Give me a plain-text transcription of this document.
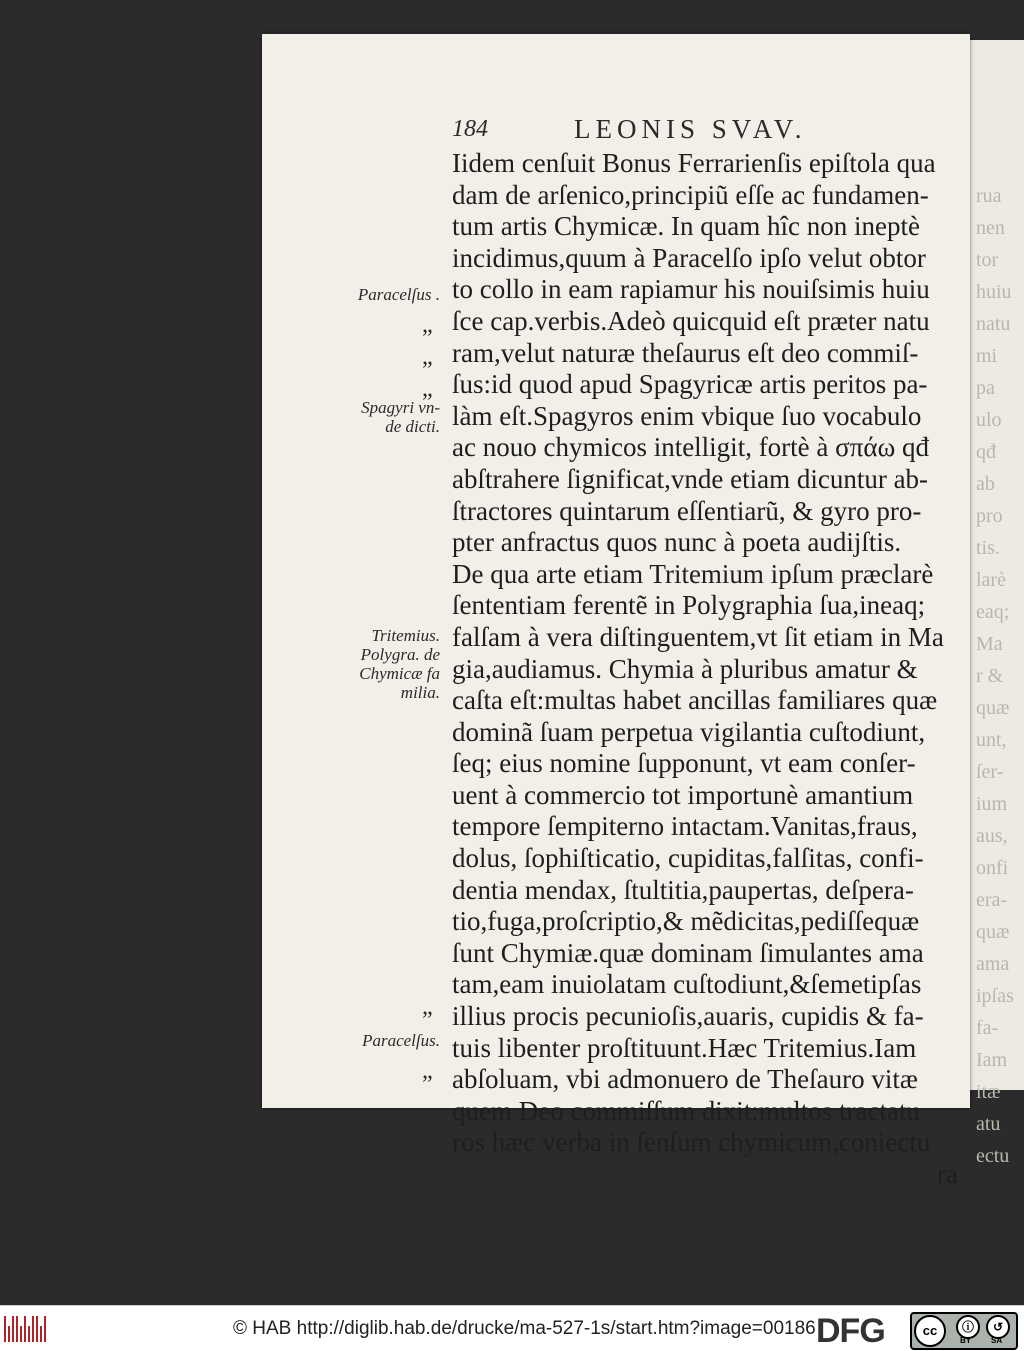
rua
nen
tor
huiu
natu
mi
pa
ulo
qđ
ab
pro
tis.
larè
eaq;
Ma
r &
quæ
unt,
ſer-
ium
aus,
onfi
era-
quæ
ama
ipſas
fa-
Iam
itæ
atu
ectu
184	LEONIS SVAV.
Iidem cenſuit Bonus Ferrarienſis epiſtola qua
dam de arſenico,principiũ eſſe ac fundamen-
tum artis Chymicæ. In quam hîc non ineptè
incidimus,quum à Paracelſo ipſo velut obtor
to collo in eam rapiamur his nouiſsimis huiu
ſce cap.verbis.Adeò quicquid eſt præter natu
ram,velut naturæ theſaurus eſt deo commiſ-
ſus:id quod apud Spagyricæ artis peritos pa-
làm eſt.Spagyros enim vbique ſuo vocabulo
ac nouo chymicos intelligit, fortè à σπάω qđ
abſtrahere ſignificat,vnde etiam dicuntur ab-
ſtractores quintarum eſſentiarũ, & gyro pro-
pter anfractus quos nunc à poeta audijſtis.
De qua arte etiam Tritemium ipſum præclarè
ſententiam ferentẽ in Polygraphia ſua,ineaq;
falſam à vera diſtinguentem,vt ſit etiam in Ma
gia,audiamus. Chymia à pluribus amatur &
caſta eſt:multas habet ancillas familiares quæ
dominã ſuam perpetua vigilantia cuſtodiunt,
ſeq; eius nomine ſupponunt, vt eam conſer-
uent à commercio tot importunè amantium
tempore ſempiterno intactam.Vanitas,fraus,
dolus, ſophiſticatio, cupiditas,falſitas, confi-
dentia mendax, ſtultitia,paupertas, deſpera-
tio,fuga,proſcriptio,& mẽdicitas,pediſſequæ
ſunt Chymiæ.quæ dominam ſimulantes ama
tam,eam inuiolatam cuſtodiunt,&ſemetipſas
illius procis pecunioſis,auaris, cupidis & fa-
tuis libenter proſtituunt.Hæc Tritemius.Iam
abſoluam, vbi admonuero de Theſauro vitæ
quem Deo commiſſum dixit:multos tractatu
ros hæc verba in ſenſum chymicum,coniectu
ra
Paracelſus .
Spagyri vn-
de dicti.
Tritemius.
Polygra. de
Chymicæ fa
milia.
Paracelſus.
„
„
„
„
„
© HAB http://diglib.hab.de/drucke/ma-527-1s/start.htm?image=00186 DFG	cc	ⓘ	↺
BY SA
